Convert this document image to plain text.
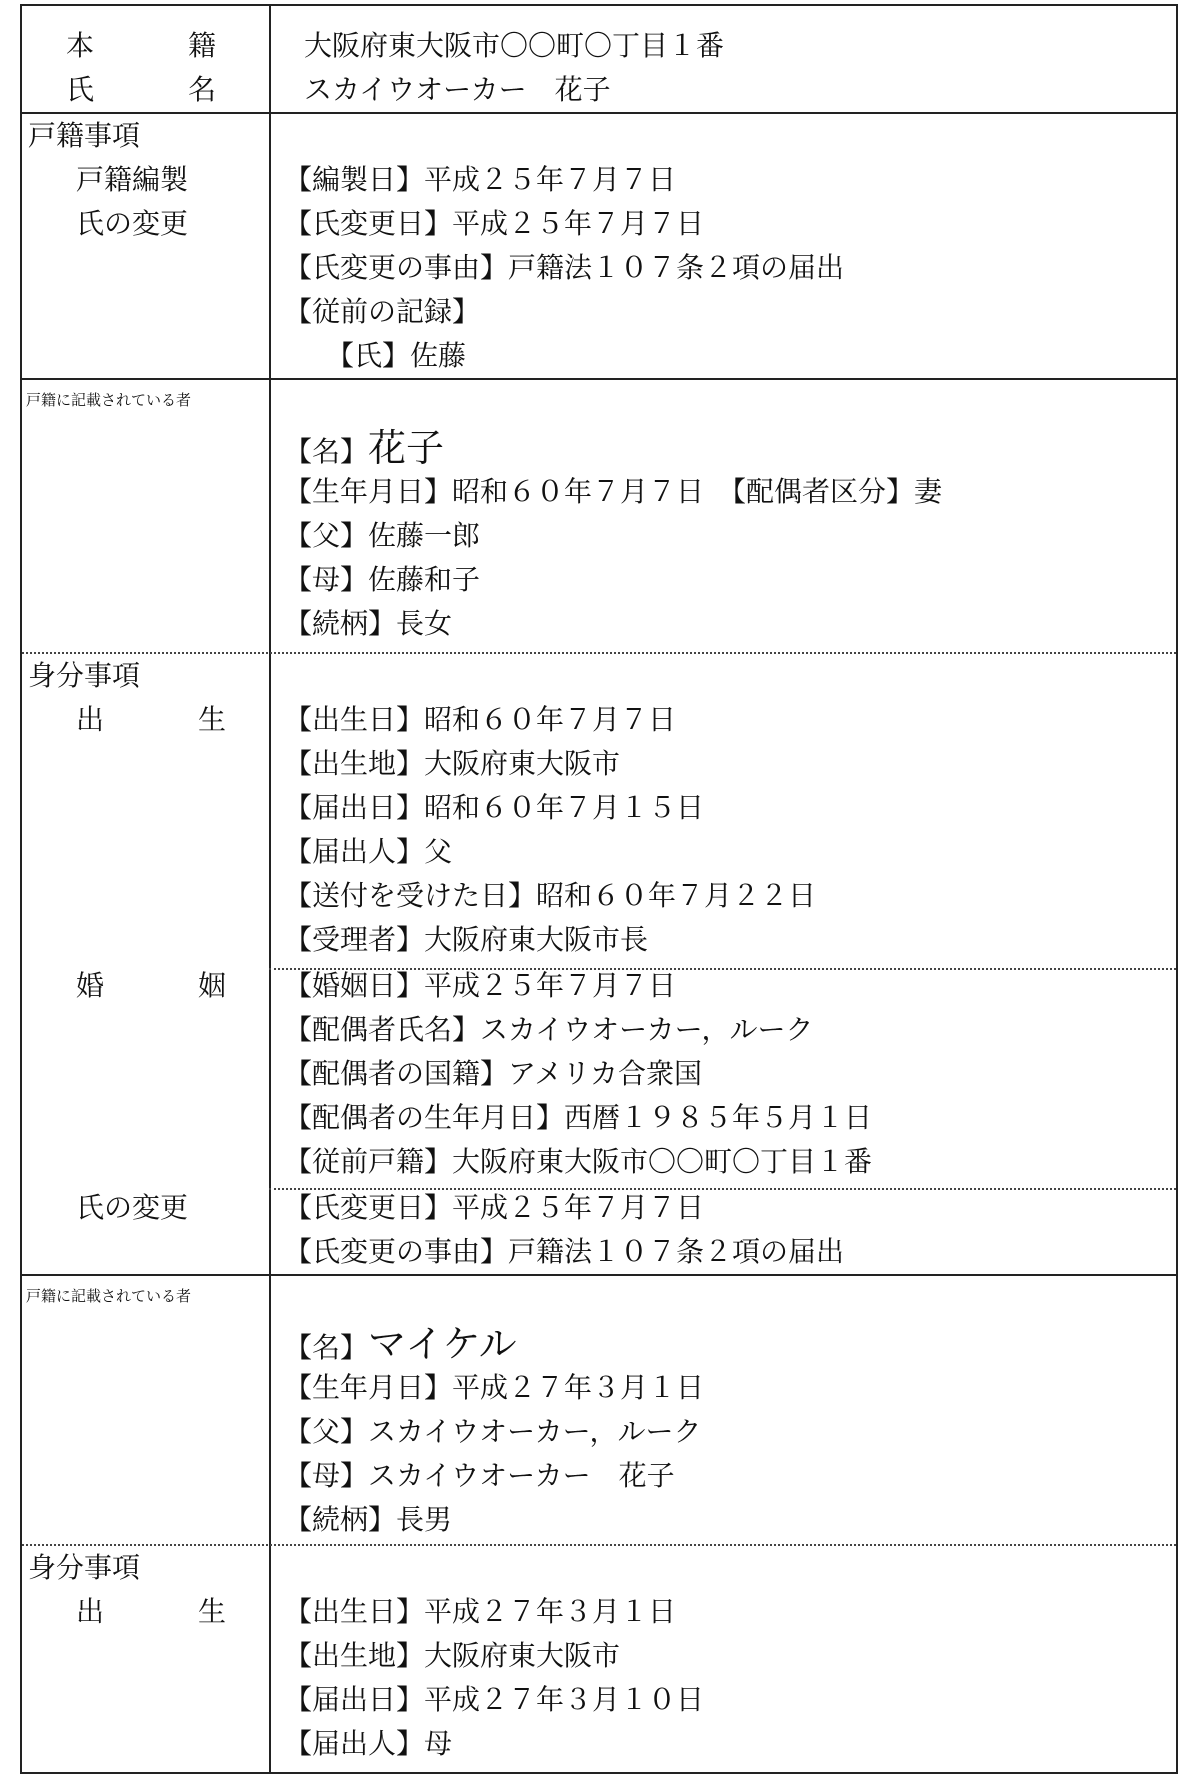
本	籍	大阪府東大阪市〇〇町〇丁目１番
氏	名	スカイウオーカー　花子
戸籍事項
戸籍編製	【編製日】平成２５年７月７日
氏の変更	【氏変更日】平成２５年７月７日
【氏変更の事由】戸籍法１０７条２項の届出
【従前の記録】
　　【氏】佐藤
戸籍に記載されている者
【名】花子
【生年月日】昭和６０年７月７日　【配偶者区分】妻
【父】佐藤一郎
【母】佐藤和子
【続柄】長女
身分事項
出	生 【出生日】昭和６０年７月７日
【出生地】大阪府東大阪市
【届出日】昭和６０年７月１５日
【届出人】父
【送付を受けた日】昭和６０年７月２２日
【受理者】大阪府東大阪市長
婚	姻 【婚姻日】平成２５年７月７日
【配偶者氏名】スカイウオーカー，ルーク
【配偶者の国籍】アメリカ合衆国
【配偶者の生年月日】西暦１９８５年５月１日
【従前戸籍】大阪府東大阪市〇〇町〇丁目１番
氏の変更	【氏変更日】平成２５年７月７日
【氏変更の事由】戸籍法１０７条２項の届出
戸籍に記載されている者
【名】マイケル
【生年月日】平成２７年３月１日
【父】スカイウオーカー，ルーク
【母】スカイウオーカー　花子
【続柄】長男
身分事項
出	生 【出生日】平成２７年３月１日
【出生地】大阪府東大阪市
【届出日】平成２７年３月１０日
【届出人】母
